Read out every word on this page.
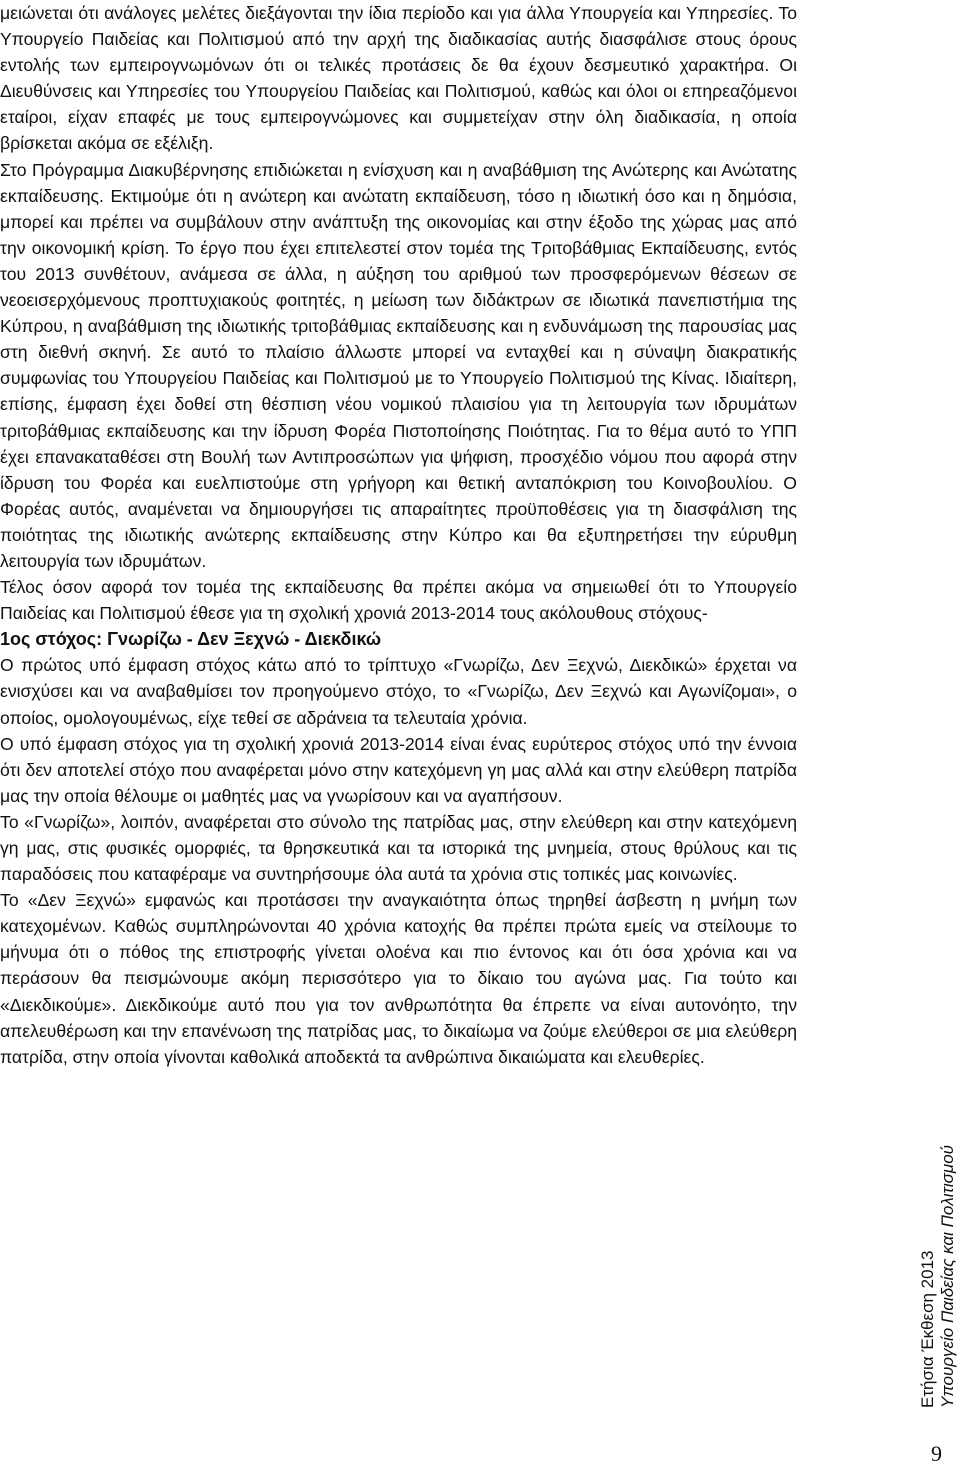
μειώνεται ότι ανάλογες μελέτες διεξάγονται την ίδια περίοδο και για άλλα Υπουργεία και Υπηρεσίες. Το Υπουργείο Παιδείας και Πολιτισμού από την αρχή της διαδικασίας αυτής διασφάλισε στους όρους εντολής των εμπειρογνωμόνων ότι οι τελικές προτάσεις δε θα έχουν δεσμευτικό χαρακτήρα. Οι Διευθύνσεις και Υπηρεσίες του Υπουργείου Παιδείας και Πολιτισμού, καθώς και όλοι οι επηρεαζόμενοι εταίροι, είχαν επαφές με τους εμπειρογνώμονες και συμμετείχαν στην όλη διαδικασία, η οποία βρίσκεται ακόμα σε εξέλιξη.

Στο Πρόγραμμα Διακυβέρνησης επιδιώκεται η ενίσχυση και η αναβάθμιση της Ανώτερης και Ανώτατης εκπαίδευσης. Εκτιμούμε ότι η ανώτερη και ανώτατη εκπαίδευση, τόσο η ιδιωτική όσο και η δημόσια, μπορεί και πρέπει να συμβάλουν στην ανάπτυξη της οικονομίας και στην έξοδο της χώρας μας από την οικονομική κρίση. Το έργο που έχει επιτελεστεί στον τομέα της Τριτοβάθμιας Εκπαίδευσης, εντός του 2013 συνθέτουν, ανάμεσα σε άλλα, η αύξηση του αριθμού των προσφερόμενων θέσεων σε νεοεισερχόμενους προπτυχιακούς φοιτητές, η μείωση των διδάκτρων σε ιδιωτικά πανεπιστήμια της Κύπρου, η αναβάθμιση της ιδιωτικής τριτοβάθμιας εκπαίδευσης και η ενδυνάμωση της παρουσίας μας στη διεθνή σκηνή. Σε αυτό το πλαίσιο άλλωστε μπορεί να ενταχθεί και η σύναψη διακρατικής συμφωνίας του Υπουργείου Παιδείας και Πολιτισμού με το Υπουργείο Πολιτισμού της Κίνας. Ιδιαίτερη, επίσης, έμφαση έχει δοθεί στη θέσπιση νέου νομικού πλαισίου για τη λειτουργία των ιδρυμάτων τριτοβάθμιας εκπαίδευσης και την ίδρυση Φορέα Πιστοποίησης Ποιότητας. Για το θέμα αυτό το ΥΠΠ έχει επανακαταθέσει στη Βουλή των Αντιπροσώπων για ψήφιση, προσχέδιο νόμου που αφορά στην ίδρυση του Φορέα και ευελπιστούμε στη γρήγορη και θετική ανταπόκριση του Κοινοβουλίου. Ο Φορέας αυτός, αναμένεται να δημιουργήσει τις απαραίτητες προϋποθέσεις για τη διασφάλιση της ποιότητας της ιδιωτικής ανώτερης εκπαίδευσης στην Κύπρο και θα εξυπηρετήσει την εύρυθμη λειτουργία των ιδρυμάτων.

Τέλος όσον αφορά τον τομέα της εκπαίδευσης θα πρέπει ακόμα να σημειωθεί ότι το Υπουργείο Παιδείας και Πολιτισμού έθεσε για τη σχολική χρονιά 2013-2014 τους ακόλουθους στόχους-

1ος στόχος: Γνωρίζω - Δεν Ξεχνώ - Διεκδικώ

Ο πρώτος υπό έμφαση στόχος κάτω από το τρίπτυχο «Γνωρίζω, Δεν Ξεχνώ, Διεκδικώ» έρχεται να ενισχύσει και να αναβαθμίσει τον προηγούμενο στόχο, το «Γνωρίζω, Δεν Ξεχνώ και Αγωνίζομαι», ο οποίος, ομολογουμένως, είχε τεθεί σε αδράνεια τα τελευταία χρόνια.

Ο υπό έμφαση στόχος για τη σχολική χρονιά 2013-2014 είναι ένας ευρύτερος στόχος υπό την έννοια ότι δεν αποτελεί στόχο που αναφέρεται μόνο στην κατεχόμενη γη μας αλλά και στην ελεύθερη πατρίδα μας την οποία θέλουμε οι μαθητές μας να γνωρίσουν και να αγαπήσουν.

Το «Γνωρίζω», λοιπόν, αναφέρεται στο σύνολο της πατρίδας μας, στην ελεύθερη και στην κατεχόμενη γη μας, στις φυσικές ομορφιές, τα θρησκευτικά και τα ιστορικά της μνημεία, στους θρύλους και τις παραδόσεις που καταφέραμε να συντηρήσουμε όλα αυτά τα χρόνια στις τοπικές μας κοινωνίες.

Το «Δεν Ξεχνώ» εμφανώς και προτάσσει την αναγκαιότητα όπως τηρηθεί άσβεστη η μνήμη των κατεχομένων. Καθώς συμπληρώνονται 40 χρόνια κατοχής θα πρέπει πρώτα εμείς να στείλουμε το μήνυμα ότι ο πόθος της επιστροφής γίνεται ολοένα και πιο έντονος και ότι όσα χρόνια και να περάσουν θα πεισμώνουμε ακόμη περισσότερο για το δίκαιο του αγώνα μας. Για τούτο και «Διεκδικούμε». Διεκδικούμε αυτό που για τον ανθρωπότητα θα έπρεπε να είναι αυτονόητο, την απελευθέρωση και την επανένωση της πατρίδας μας, το δικαίωμα να ζούμε ελεύθεροι σε μια ελεύθερη πατρίδα, στην οποία γίνονται καθολικά αποδεκτά τα ανθρώπινα δικαιώματα και ελευθερίες.

Ετήσια Έκθεση 2013 Υπουργείο Παιδείας και Πολιτισμού
9
